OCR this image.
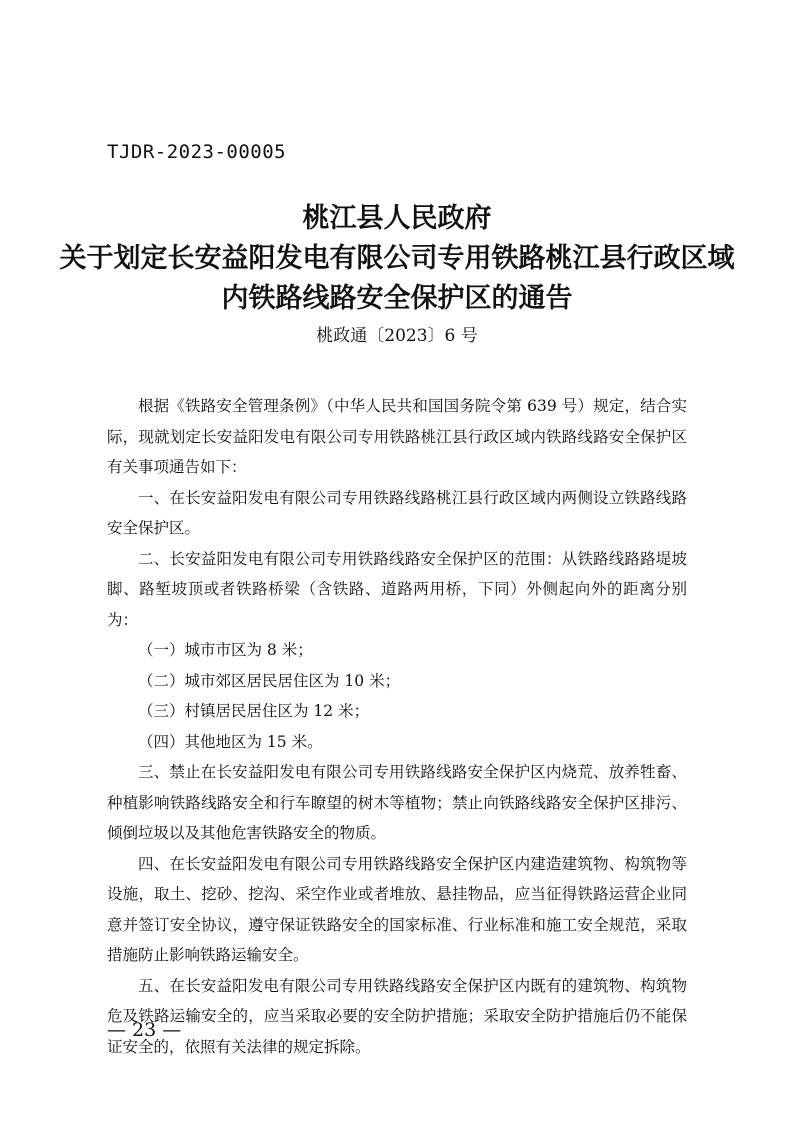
TJDR-2023-00005
桃江县人民政府
关于划定长安益阳发电有限公司专用铁路桃江县行政区域
内铁路线路安全保护区的通告
桃政通〔2023〕6 号

根据《铁路安全管理条例》（中华人民共和国国务院令第 639 号）规定，结合实际，现就划定长安益阳发电有限公司专用铁路桃江县行政区域内铁路线路安全保护区有关事项通告如下：

一、在长安益阳发电有限公司专用铁路线路桃江县行政区域内两侧设立铁路线路安全保护区。

二、长安益阳发电有限公司专用铁路线路安全保护区的范围：从铁路线路路堤坡脚、路堑坡顶或者铁路桥梁（含铁路、道路两用桥，下同）外侧起向外的距离分别为：

（一）城市市区为 8 米；

（二）城市郊区居民居住区为 10 米；

（三）村镇居民居住区为 12 米；

（四）其他地区为 15 米。

三、禁止在长安益阳发电有限公司专用铁路线路安全保护区内烧荒、放养牲畜、种植影响铁路线路安全和行车瞭望的树木等植物；禁止向铁路线路安全保护区排污、倾倒垃圾以及其他危害铁路安全的物质。

四、在长安益阳发电有限公司专用铁路线路安全保护区内建造建筑物、构筑物等设施，取土、挖砂、挖沟、采空作业或者堆放、悬挂物品，应当征得铁路运营企业同意并签订安全协议，遵守保证铁路安全的国家标准、行业标准和施工安全规范，采取措施防止影响铁路运输安全。

五、在长安益阳发电有限公司专用铁路线路安全保护区内既有的建筑物、构筑物危及铁路运输安全的，应当采取必要的安全防护措施；采取安全防护措施后仍不能保证安全的，依照有关法律的规定拆除。

— 23 —
